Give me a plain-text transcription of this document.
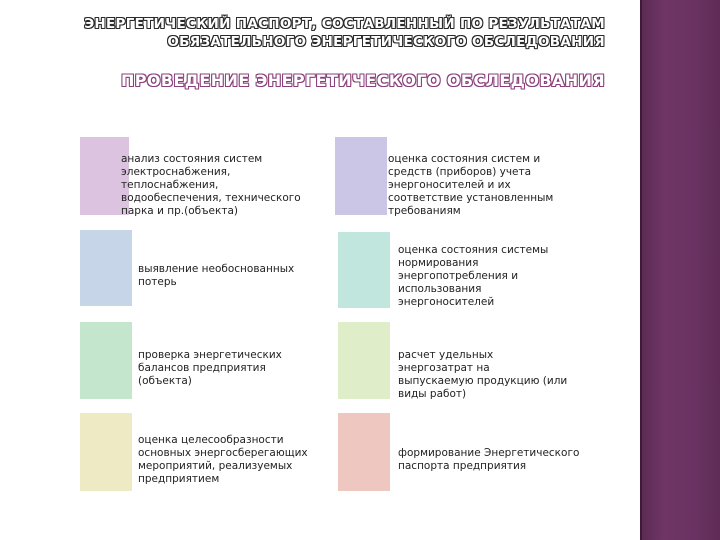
ЭНЕРГЕТИЧЕСКИЙ ПАСПОРТ, СОСТАВЛЕННЫЙ ПО РЕЗУЛЬТАТАМ
ОБЯЗАТЕЛЬНОГО ЭНЕРГЕТИЧЕСКОГО ОБСЛЕДОВАНИЯ
ПРОВЕДЕНИЕ ЭНЕРГЕТИЧЕСКОГО ОБСЛЕДОВАНИЯ
анализ состояния систем электроснабжения, теплоснабжения, водообеспечения, технического парка и пр.(объекта)
выявление необоснованных потерь
проверка энергетических балансов предприятия (объекта)
оценка целесообразности основных энергосберегающих мероприятий, реализуемых предприятием
оценка состояния систем и средств (приборов) учета энергоносителей и их соответствие установленным требованиям
оценка состояния системы нормирования энергопотребления и использования энергоносителей
расчет удельных энергозатрат на выпускаемую продукцию (или виды работ)
формирование Энергетического паспорта предприятия
